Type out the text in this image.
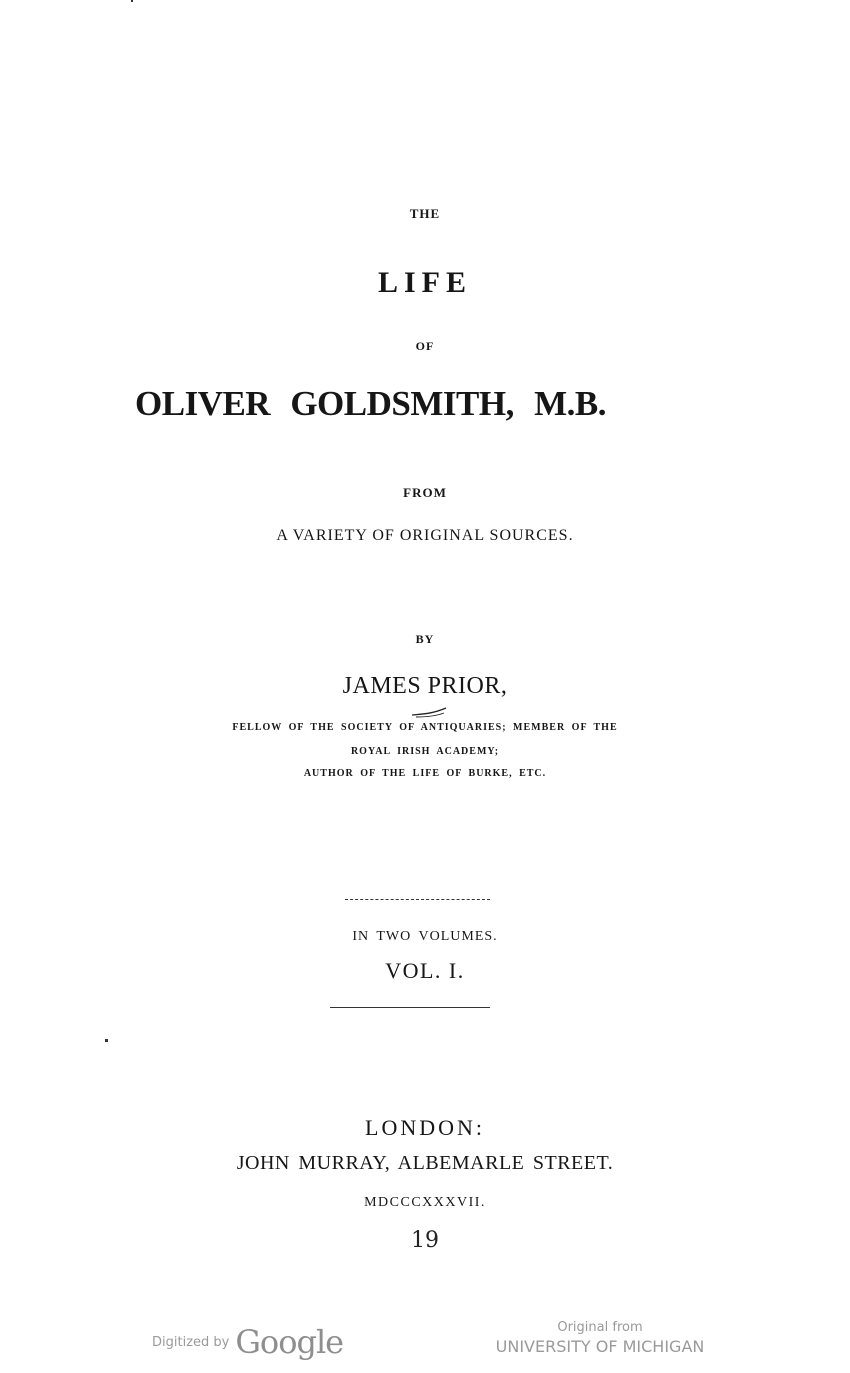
THE
LIFE
OF
OLIVER GOLDSMITH, M.B.
FROM
A VARIETY OF ORIGINAL SOURCES.
BY
JAMES PRIOR,
FELLOW OF THE SOCIETY OF ANTIQUARIES; MEMBER OF THE
ROYAL IRISH ACADEMY;
AUTHOR OF THE LIFE OF BURKE, ETC.
IN TWO VOLUMES.
VOL. I.
LONDON:
JOHN MURRAY, ALBEMARLE STREET.
MDCCCXXXVII.
19
Digitized by Google	Original from
UNIVERSITY OF MICHIGAN
